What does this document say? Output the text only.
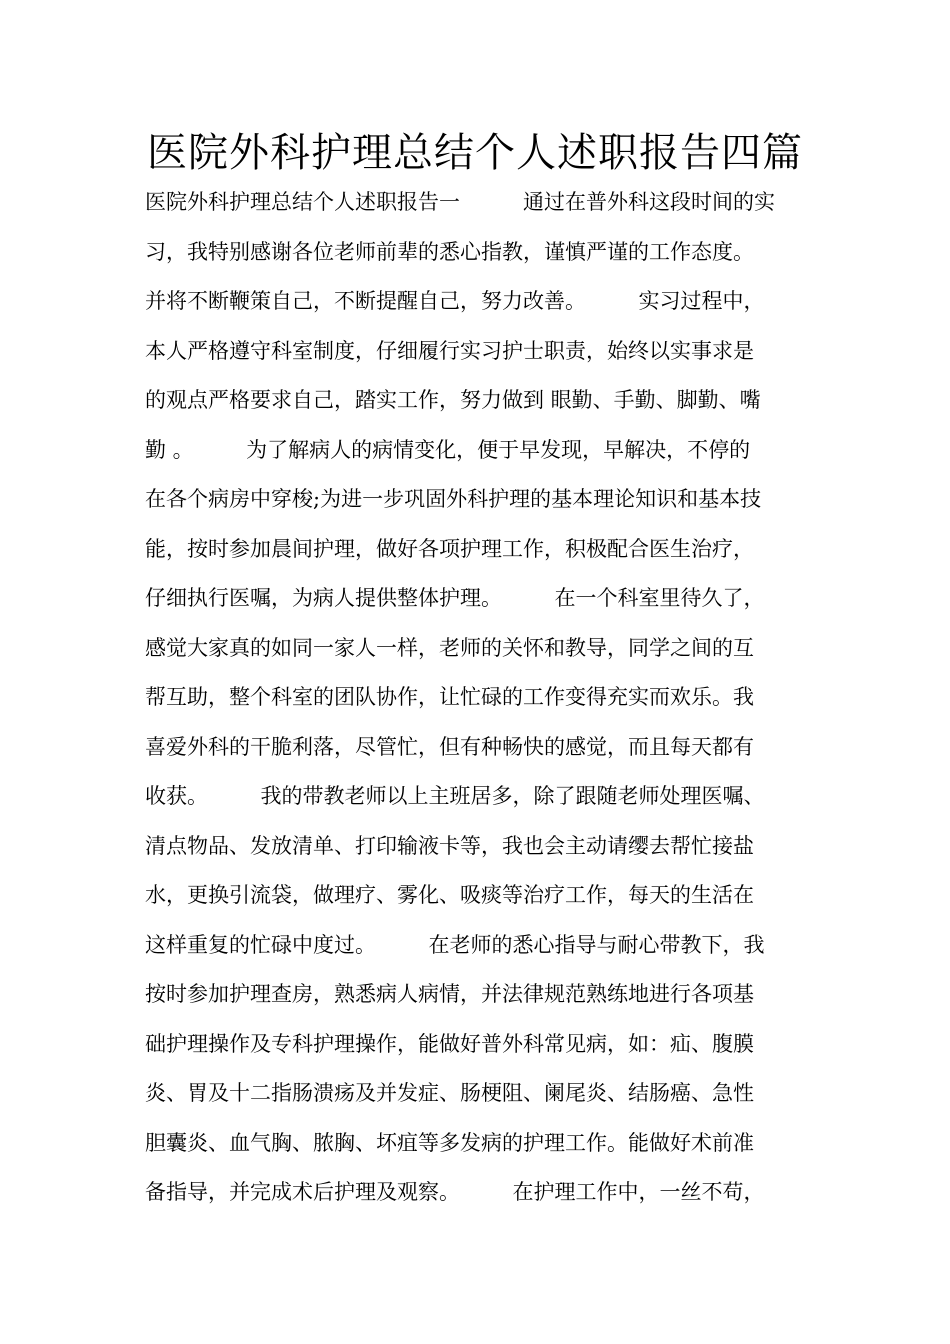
医院外科护理总结个人述职报告四篇
医院外科护理总结个人述职报告一　　　通过在普外科这段时间的实
习，我特别感谢各位老师前辈的悉心指教，谨慎严谨的工作态度。
并将不断鞭策自己，不断提醒自己，努力改善。　　　实习过程中，
本人严格遵守科室制度，仔细履行实习护士职责，始终以实事求是
的观点严格要求自己，踏实工作，努力做到 眼勤、手勤、脚勤、嘴
勤 。　　　为了解病人的病情变化，便于早发现，早解决，不停的
在各个病房中穿梭;为进一步巩固外科护理的基本理论知识和基本技
能，按时参加晨间护理，做好各项护理工作，积极配合医生治疗，
仔细执行医嘱，为病人提供整体护理。　　　在一个科室里待久了，
感觉大家真的如同一家人一样，老师的关怀和教导，同学之间的互
帮互助，整个科室的团队协作，让忙碌的工作变得充实而欢乐。我
喜爱外科的干脆利落，尽管忙，但有种畅快的感觉，而且每天都有
收获。　　　我的带教老师以上主班居多，除了跟随老师处理医嘱、
清点物品、发放清单、打印输液卡等，我也会主动请缨去帮忙接盐
水，更换引流袋，做理疗、雾化、吸痰等治疗工作，每天的生活在
这样重复的忙碌中度过。　　　在老师的悉心指导与耐心带教下，我
按时参加护理查房，熟悉病人病情，并法律规范熟练地进行各项基
础护理操作及专科护理操作，能做好普外科常见病，如：疝、腹膜
炎、胃及十二指肠溃疡及并发症、肠梗阻、阑尾炎、结肠癌、急性
胆囊炎、血气胸、脓胸、坏疽等多发病的护理工作。能做好术前准
备指导，并完成术后护理及观察。　　　在护理工作中，一丝不苟，
